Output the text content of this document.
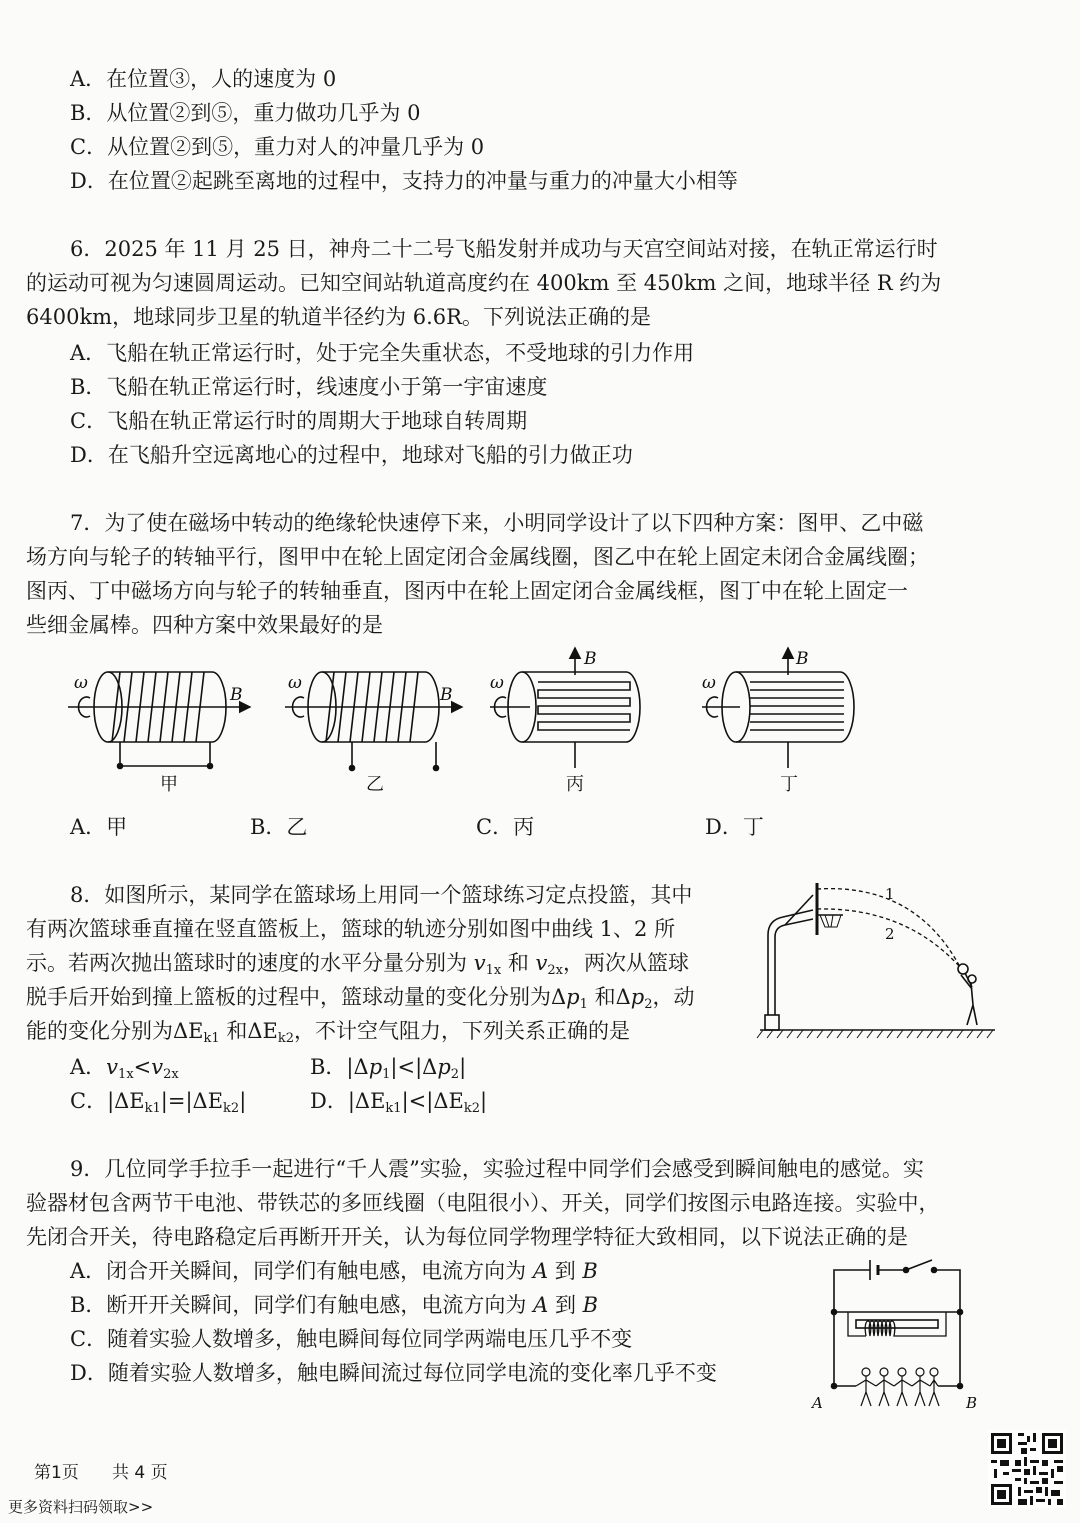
A．在位置③，人的速度为 0
B．从位置②到⑤，重力做功几乎为 0
C．从位置②到⑤，重力对人的冲量几乎为 0
D．在位置②起跳至离地的过程中，支持力的冲量与重力的冲量大小相等
6．2025 年 11 月 25 日，神舟二十二号飞船发射并成功与天宫空间站对接，在轨正常运行时
的运动可视为匀速圆周运动。已知空间站轨道高度约在 400km 至 450km 之间，地球半径 R 约为
6400km，地球同步卫星的轨道半径约为 6.6R。下列说法正确的是
A．飞船在轨正常运行时，处于完全失重状态，不受地球的引力作用
B．飞船在轨正常运行时，线速度小于第一宇宙速度
C．飞船在轨正常运行时的周期大于地球自转周期
D．在飞船升空远离地心的过程中，地球对飞船的引力做正功
7．为了使在磁场中转动的绝缘轮快速停下来，小明同学设计了以下四种方案：图甲、乙中磁
场方向与轮子的转轴平行，图甲中在轮上固定闭合金属线圈，图乙中在轮上固定未闭合金属线圈；
图丙、丁中磁场方向与轮子的转轴垂直，图丙中在轮上固定闭合金属线框，图丁中在轮上固定一
些细金属棒。四种方案中效果最好的是
ω
B
ω
B
ω
B
ω
B
甲	乙	丙	丁
A．甲	B．乙	C．丙	D．丁
8．如图所示，某同学在篮球场上用同一个篮球练习定点投篮，其中
有两次篮球垂直撞在竖直篮板上，篮球的轨迹分别如图中曲线 1、2 所
示。若两次抛出篮球时的速度的水平分量分别为 $v_{1x}$ 和 $v_{2x}$，两次从篮球
脱手后开始到撞上篮板的过程中，篮球动量的变化分别为$\Delta p_1$ 和$\Delta p_2$，动
能的变化分别为$\Delta E_{k1}$ 和$\Delta E_{k2}$，不计空气阻力，下列关系正确的是
A．$v_{1x}<v_{2x}$	B．$|\Delta p_1|<|\Delta p_2|$
C．$|\Delta E_{k1}|=|\Delta E_{k2}|$	D．$|\Delta E_{k1}|<|\Delta E_{k2}|$
1
2
9．几位同学手拉手一起进行“千人震”实验，实验过程中同学们会感受到瞬间触电的感觉。实
验器材包含两节干电池、带铁芯的多匝线圈（电阻很小）、开关，同学们按图示电路连接。实验中，
先闭合开关，待电路稳定后再断开开关，认为每位同学物理学特征大致相同，以下说法正确的是
A．闭合开关瞬间，同学们有触电感，电流方向为 A 到 B
B．断开开关瞬间，同学们有触电感，电流方向为 A 到 B
C．随着实验人数增多，触电瞬间每位同学两端电压几乎不变
D．随着实验人数增多，触电瞬间流过每位同学电流的变化率几乎不变
A	B
第1页 共 4 页
更多资料扫码领取>>
